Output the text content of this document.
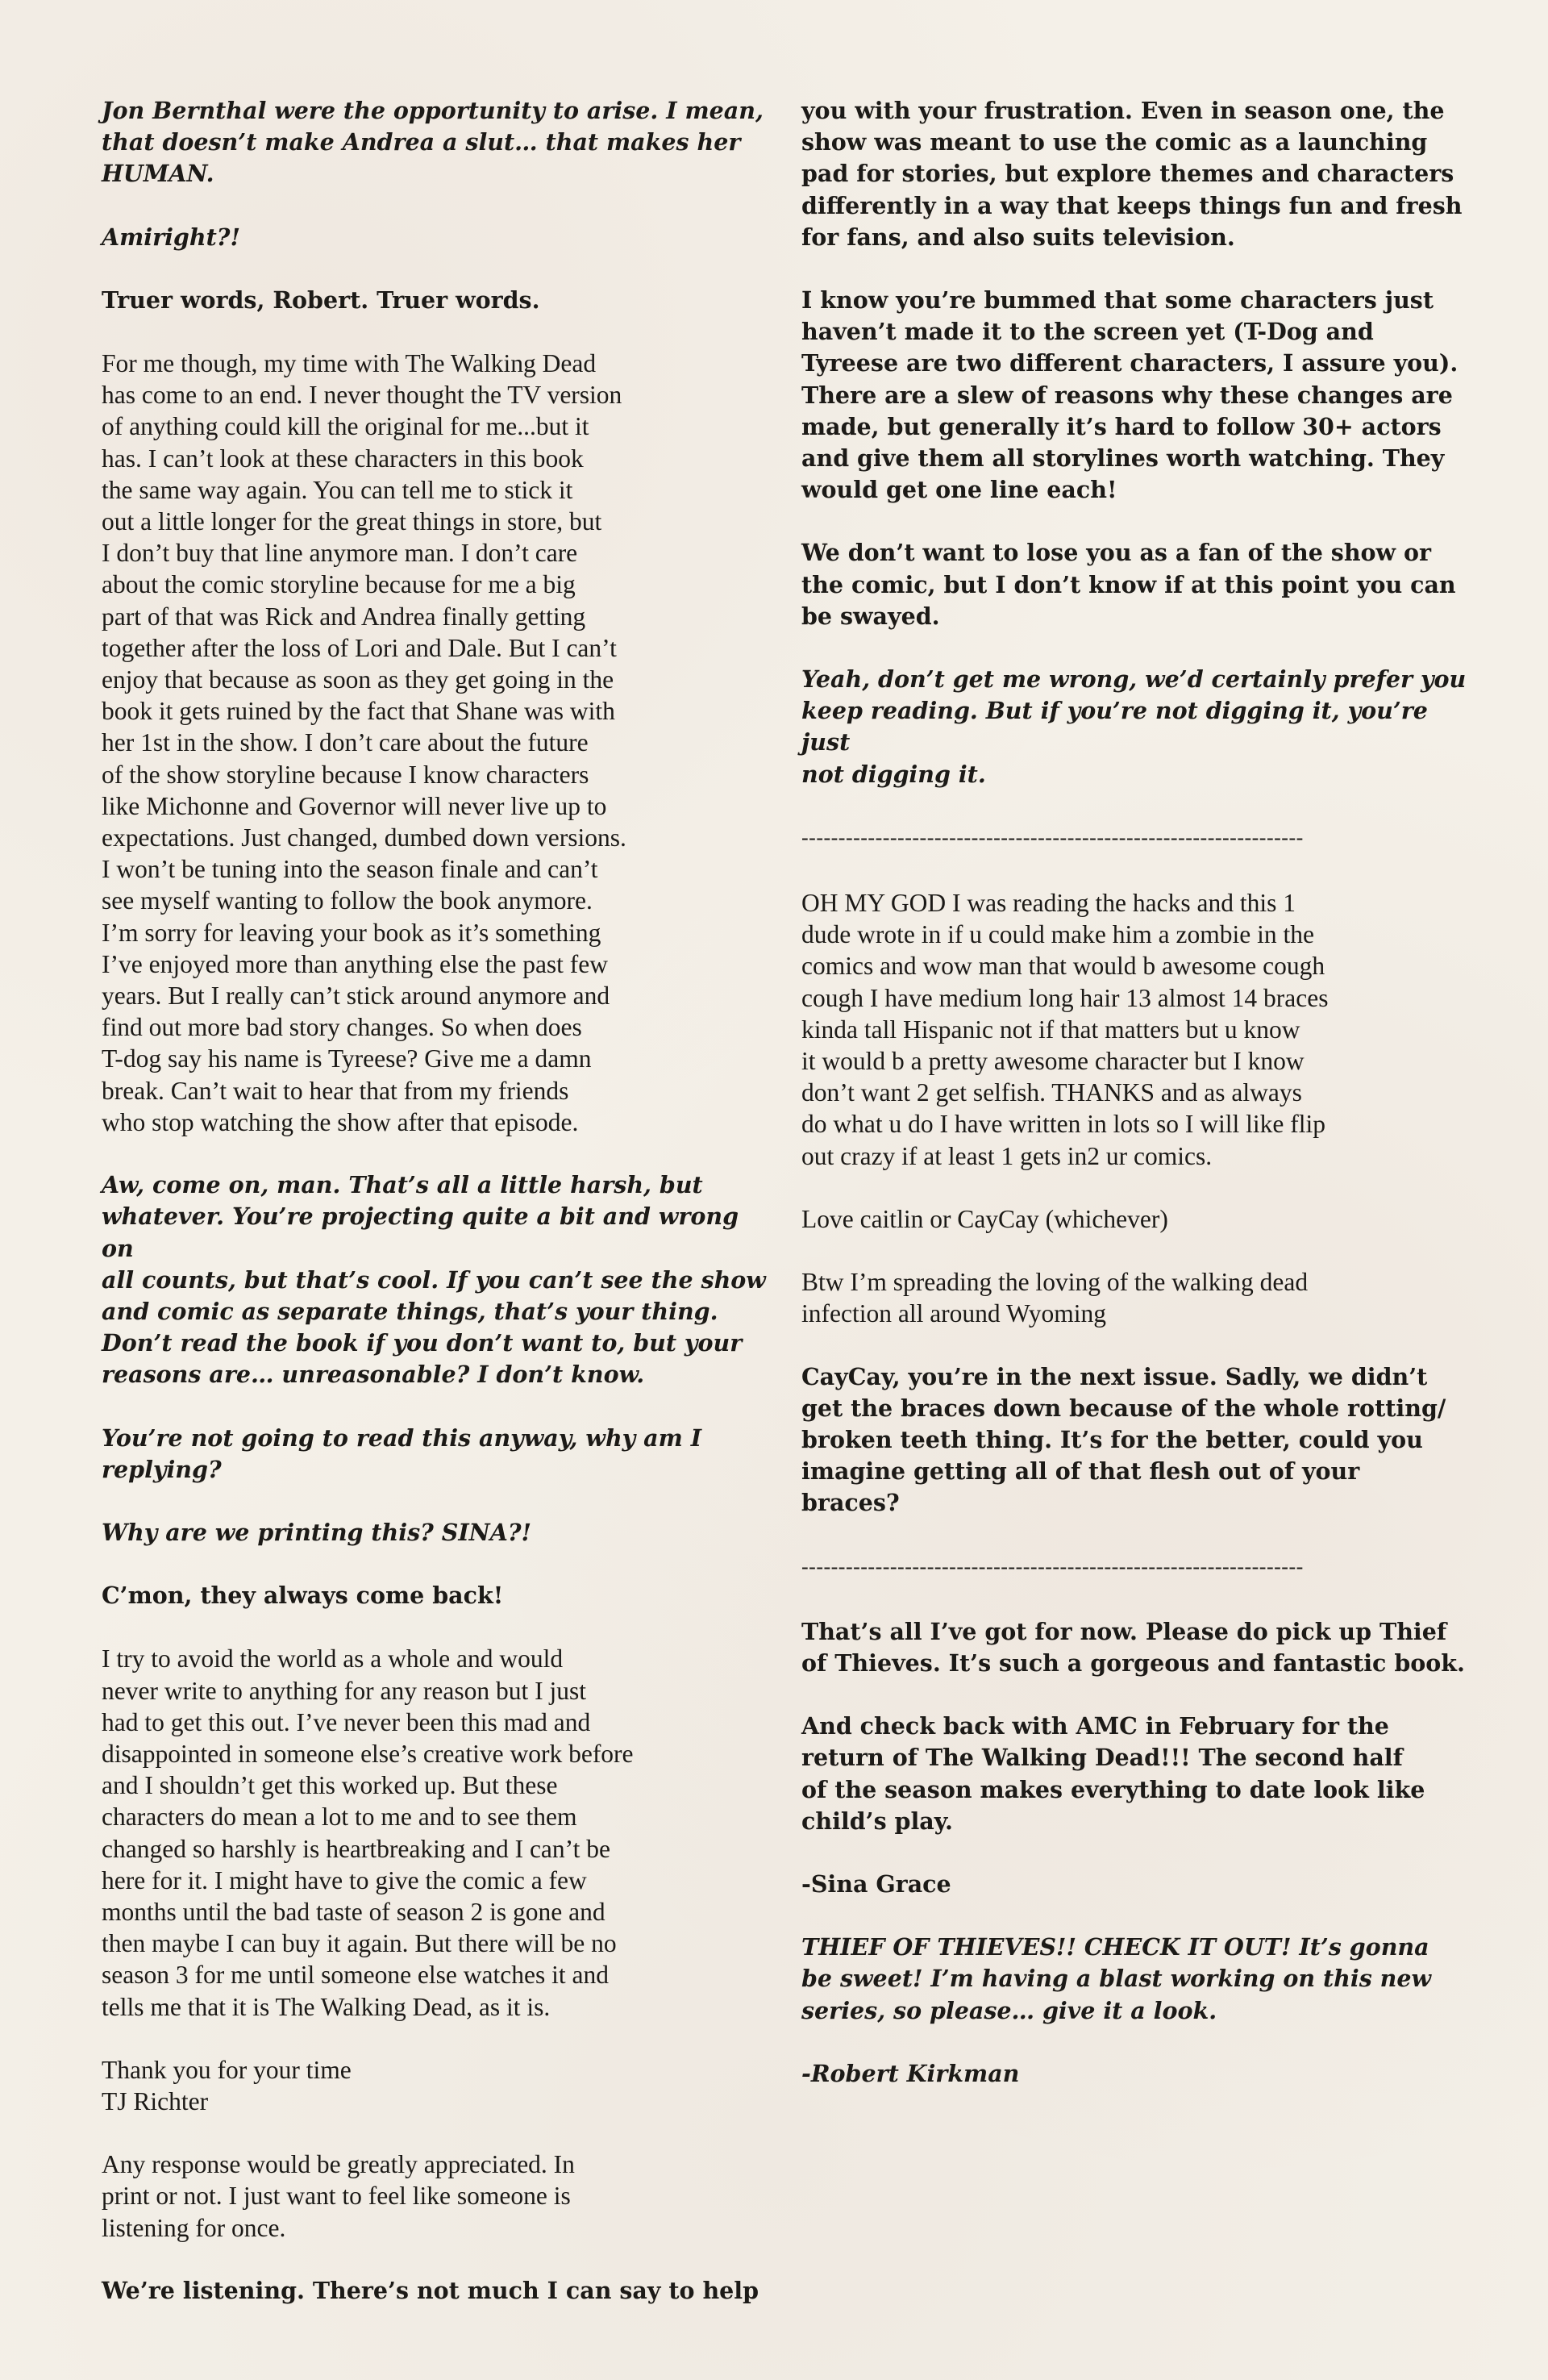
Jon Bernthal were the opportunity to arise. I mean,
that doesn’t make Andrea a slut… that makes her
HUMAN.

Amiright?!

Truer words, Robert. Truer words.

For me though, my time with The Walking Dead
has come to an end. I never thought the TV version
of anything could kill the original for me...but it
has. I can’t look at these characters in this book
the same way again. You can tell me to stick it
out a little longer for the great things in store, but
I don’t buy that line anymore man. I don’t care
about the comic storyline because for me a big
part of that was Rick and Andrea finally getting
together after the loss of Lori and Dale. But I can’t
enjoy that because as soon as they get going in the
book it gets ruined by the fact that Shane was with
her 1st in the show. I don’t care about the future
of the show storyline because I know characters
like Michonne and Governor will never live up to
expectations. Just changed, dumbed down versions.
I won’t be tuning into the season finale and can’t
see myself wanting to follow the book anymore.
I’m sorry for leaving your book as it’s something
I’ve enjoyed more than anything else the past few
years. But I really can’t stick around anymore and
find out more bad story changes. So when does
T-dog say his name is Tyreese? Give me a damn
break. Can’t wait to hear that from my friends
who stop watching the show after that episode.

Aw, come on, man. That’s all a little harsh, but
whatever. You’re projecting quite a bit and wrong on
all counts, but that’s cool. If you can’t see the show
and comic as separate things, that’s your thing.
Don’t read the book if you don’t want to, but your
reasons are… unreasonable? I don’t know.

You’re not going to read this anyway, why am I
replying?

Why are we printing this? SINA?!

C’mon, they always come back!

I try to avoid the world as a whole and would
never write to anything for any reason but I just
had to get this out. I’ve never been this mad and
disappointed in someone else’s creative work before
and I shouldn’t get this worked up. But these
characters do mean a lot to me and to see them
changed so harshly is heartbreaking and I can’t be
here for it. I might have to give the comic a few
months until the bad taste of season 2 is gone and
then maybe I can buy it again. But there will be no
season 3 for me until someone else watches it and
tells me that it is The Walking Dead, as it is.

Thank you for your time
TJ Richter

Any response would be greatly appreciated. In
print or not. I just want to feel like someone is
listening for once.

We’re listening. There’s not much I can say to help

you with your frustration. Even in season one, the
show was meant to use the comic as a launching
pad for stories, but explore themes and characters
differently in a way that keeps things fun and fresh
for fans, and also suits television.

I know you’re bummed that some characters just
haven’t made it to the screen yet (T-Dog and
Tyreese are two different characters, I assure you).
There are a slew of reasons why these changes are
made, but generally it’s hard to follow 30+ actors
and give them all storylines worth watching. They
would get one line each!

We don’t want to lose you as a fan of the show or
the comic, but I don’t know if at this point you can
be swayed.

Yeah, don’t get me wrong, we’d certainly prefer you
keep reading. But if you’re not digging it, you’re just
not digging it.

--------------------------------------------------------------------

OH MY GOD I was reading the hacks and this 1
dude wrote in if u could make him a zombie in the
comics and wow man that would b awesome cough
cough I have medium long hair 13 almost 14 braces
kinda tall Hispanic not if that matters but u know
it would b a pretty awesome character but I know
don’t want 2 get selfish. THANKS and as always
do what u do I have written in lots so I will like flip
out crazy if at least 1 gets in2 ur comics.

Love caitlin or CayCay (whichever)

Btw I’m spreading the loving of the walking dead
infection all around Wyoming

CayCay, you’re in the next issue. Sadly, we didn’t
get the braces down because of the whole rotting/
broken teeth thing. It’s for the better, could you
imagine getting all of that flesh out of your
braces?

--------------------------------------------------------------------

That’s all I’ve got for now. Please do pick up Thief
of Thieves. It’s such a gorgeous and fantastic book.

And check back with AMC in February for the
return of The Walking Dead!!! The second half
of the season makes everything to date look like
child’s play.

-Sina Grace

THIEF OF THIEVES!! CHECK IT OUT! It’s gonna
be sweet! I’m having a blast working on this new
series, so please… give it a look.

-Robert Kirkman
